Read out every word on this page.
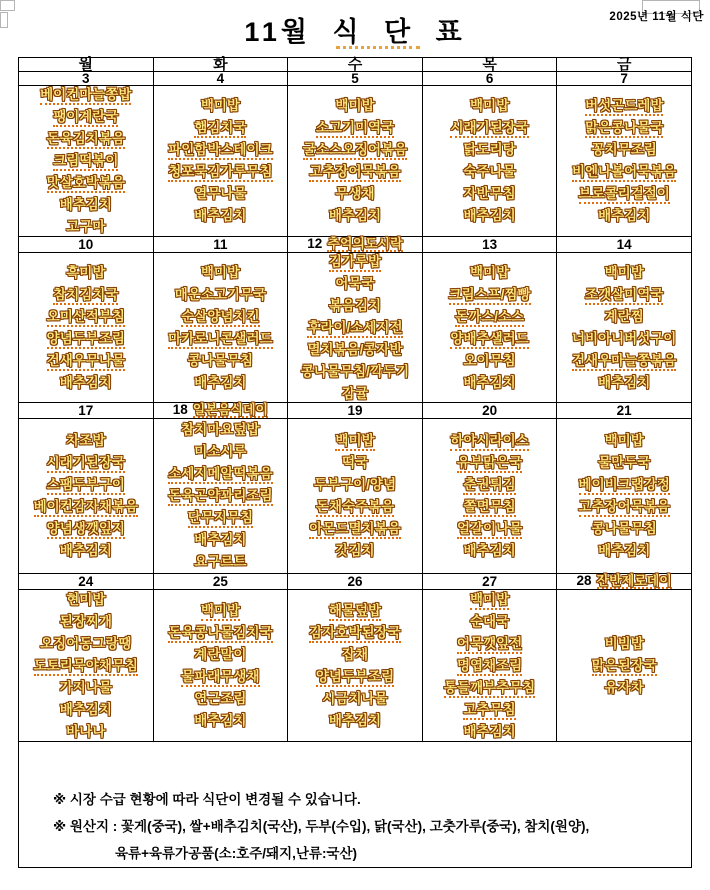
11월 식 단 표	2025년 11월 식단
월	화	수	목	금
3	4	5	6	7

베이컨마늘쫑밥
팽이계란국
돈육김치볶음
크림떡볶이
맛살호박볶음
배추김치
고구마

백미밥
햄김치국
파인함박스테이크
청포묵김가루무침
열무나물
배추김치

백미밥
소고기미역국
굴소스오징어볶음
고추장어묵볶음
무생채
배추김치

백미밥
시래기된장국
닭도리탕
숙주나물
자반무침
배추김치

버섯곤드레밥
맑은콩나물국
꽁치무조림
비엔나볼어묵볶음
브로콜리겉절이
배추김치

10	11	12 추억의도시락	13	14

흑미밥
참치김치국
오미산적부침
양념두부조림
건새우무나물
배추김치

백미밥
매운소고기무국
순살양념치킨
마카로니콘샐러드
콩나물무침
배추김치

김가루밥
어묵국
볶음김치
후라이/소세지전
멸치볶음/콩자반
콩나물무침/깍두기
감귤

백미밥
크림스프/찜빵
돈까스/소스
양배추샐러드
오이무침
배추김치

백미밥
조갯살미역국
계란찜
너비아니버섯구이
건새우마늘쫑볶음
배추김치

17	18 일본음식데이	19	20	21

차조밥
시래기된장국
스팸두부구이
베이컨감자채볶음
양념생깻잎지
배추김치

참치마요덮밥
미소시루
소세지메알떡볶음
돈육곤약꽈리조림
단무지무침
배추김치
요구르트

백미밥
떡국
두부구이/양념
돈채숙주볶음
아몬드멸치볶음
갓김치

하야시라이스
유부맑은국
춘권튀김
쫄면무침
얼갈이나물
배추김치

백미밥
물만두국
베이비크랩강정
고추장어묵볶음
콩나물무침
배추김치

24	25	26	27	28 잔반제로데이

현미밥
된장찌개
오징어동그랑땡
도토리묵야채무침
가지나물
배추김치
바나나

백미밥
돈육콩나물김치국
계란말이
물파래무생채
연근조림
배추김치

해물덮밥
감자호박된장국
잡채
양념두부조림
시금치나물
배추김치

백미밥
순대국
어묵깻잎전
명엽채조림
통들깨부추무침
고추무침
배추김치

비빔밥
맑은된장국
유자차

※ 시장 수급 현황에 따라 식단이 변경될 수 있습니다.
※ 원산지 : 꽃게(중국), 쌀+배추김치(국산), 두부(수입), 닭(국산), 고춧가루(중국), 참치(원양),
육류+육류가공품(소:호주/돼지,난류:국산)				
